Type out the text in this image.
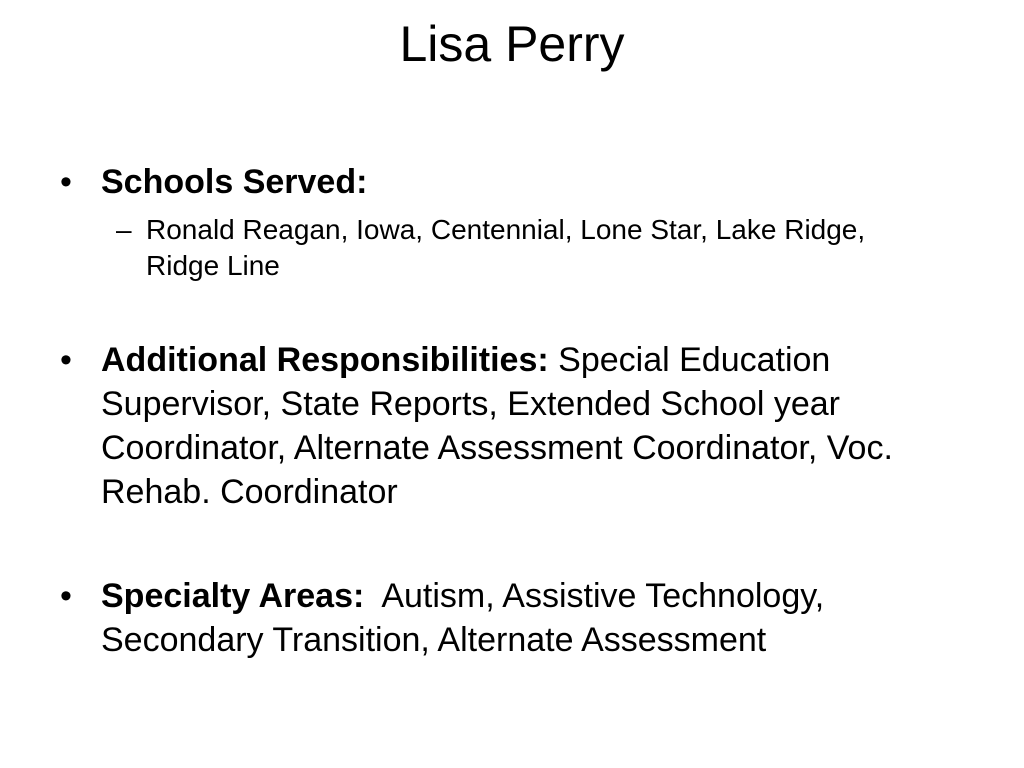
Lisa Perry
• Schools Served:
– Ronald Reagan, Iowa, Centennial, Lone Star, Lake Ridge, Ridge Line
• Additional Responsibilities: Special Education Supervisor, State Reports, Extended School year Coordinator, Alternate Assessment Coordinator, Voc. Rehab. Coordinator
• Specialty Areas:  Autism, Assistive Technology, Secondary Transition, Alternate Assessment
